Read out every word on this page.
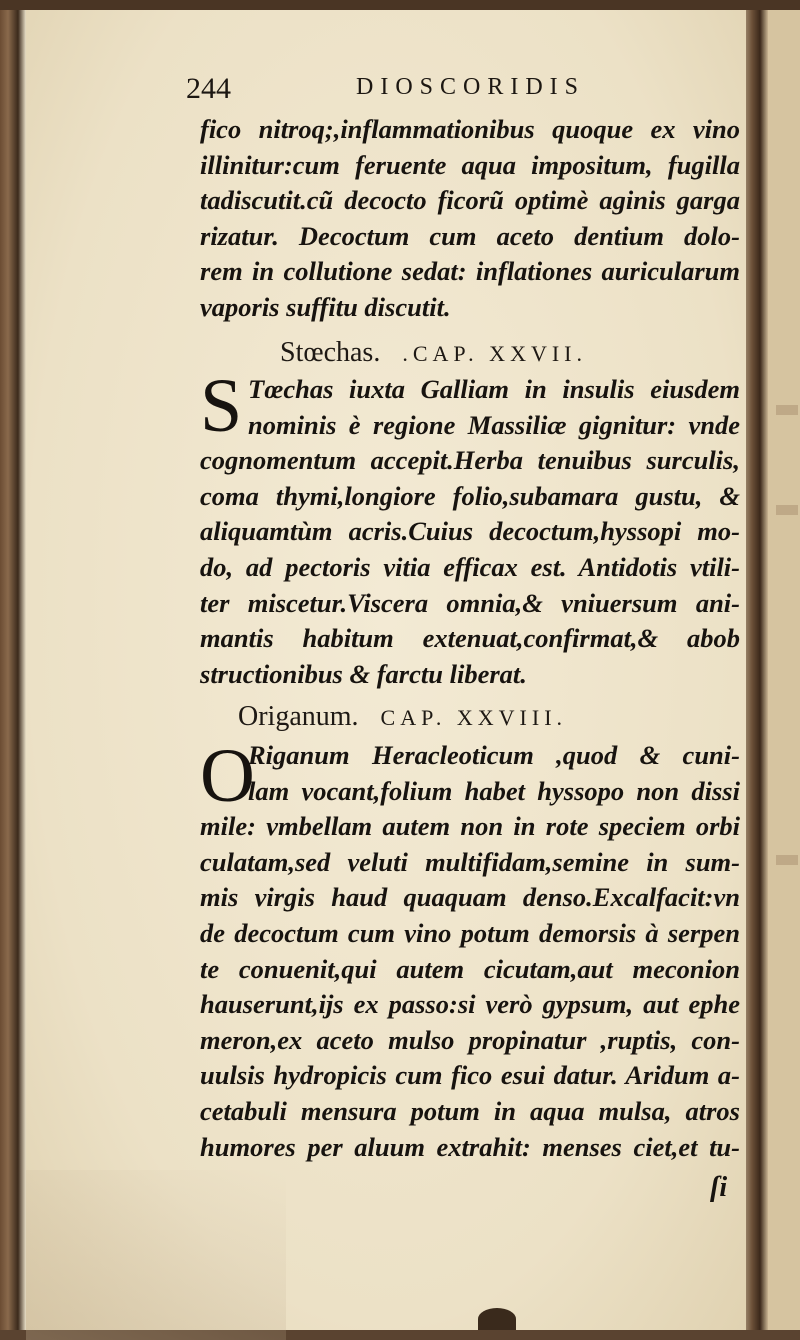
244	DIOSCORIDIS
fico nitroq;,inflammationibus quoque ex vino
illinitur:cum feruente aqua impositum, fugilla
tadiscutit.cũ decocto ficorũ optimè aginis garga
rizatur. Decoctum cum aceto dentium dolo-
rem in collutione sedat: inflationes auricularum
vaporis suffitu discutit.
Stœchas. .CAP. XXVII.
S Tœchas iuxta Galliam in insulis eiusdem
nominis è regione Massiliæ gignitur: vnde
cognomentum accepit.Herba tenuibus surculis,
coma thymi,longiore folio,subamara gustu, &
aliquamtùm acris.Cuius decoctum,hyssopi mo-
do, ad pectoris vitia efficax est. Antidotis vtili-
ter miscetur.Viscera omnia,& vniuersum ani-
mantis habitum extenuat,confirmat,& abob
structionibus & farctu liberat.
Origanum. CAP. XXVIII.
O
Riganum Heracleoticum ,quod & cuni-
lam vocant,folium habet hyssopo non dissi
mile: vmbellam autem non in rote speciem orbi
culatam,sed veluti multifidam,semine in sum-
mis virgis haud quaquam denso.Excalfacit:vn
de decoctum cum vino potum demorsis à serpen
te conuenit,qui autem cicutam,aut meconion
hauserunt,ijs ex passo:si verò gypsum, aut ephe
meron,ex aceto mulso propinatur ,ruptis, con-
uulsis hydropicis cum fico esui datur. Aridum a-
cetabuli mensura potum in aqua mulsa, atros
humores per aluum extrahit: menses ciet,et tu-
ſi
